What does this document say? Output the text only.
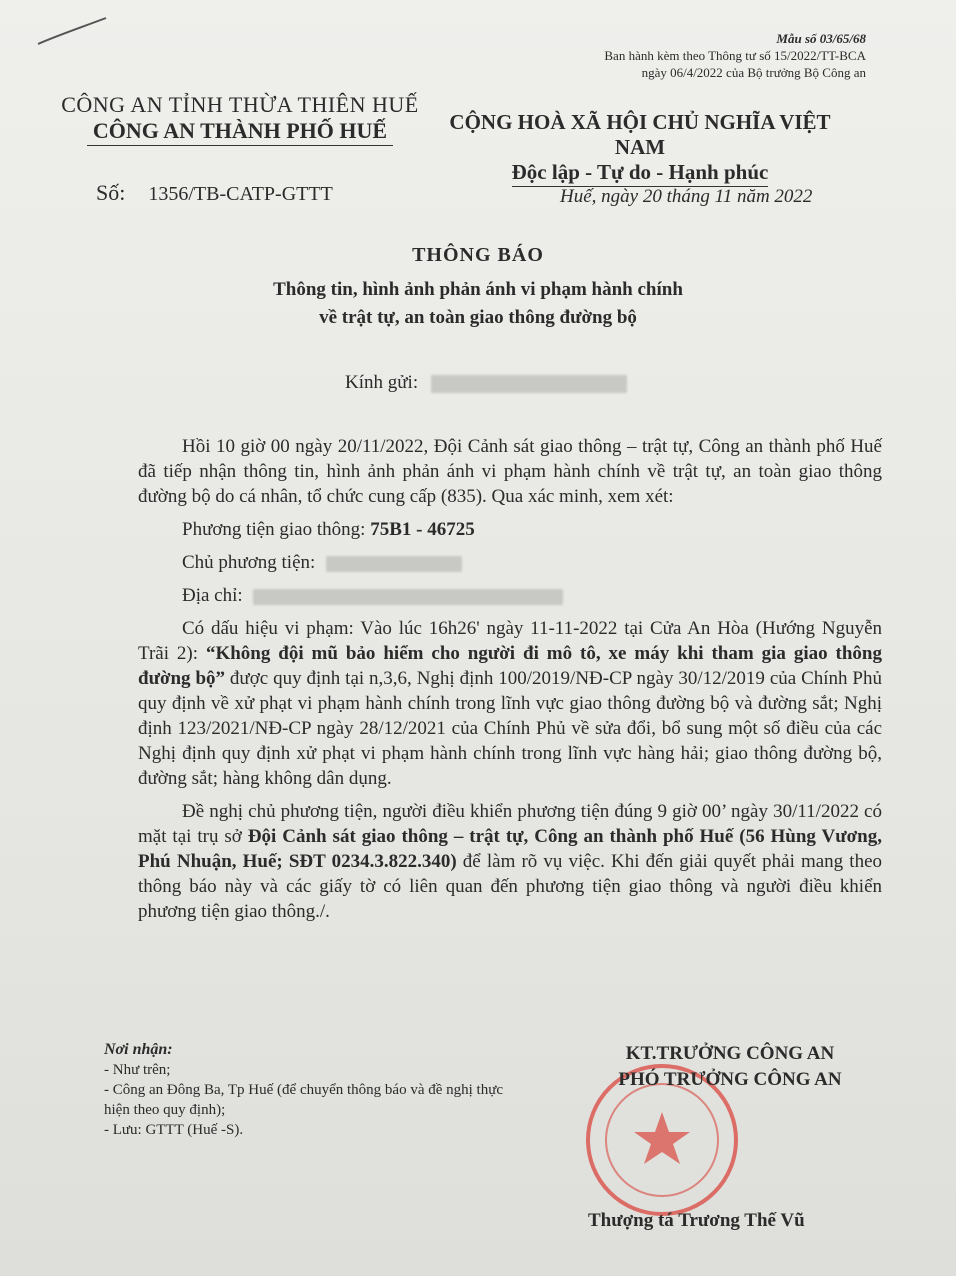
Mẫu số 03/65/68
Ban hành kèm theo Thông tư số 15/2022/TT-BCA
ngày 06/4/2022 của Bộ trưởng Bộ Công an
CÔNG AN TỈNH THỪA THIÊN HUẾ
CÔNG AN THÀNH PHỐ HUẾ	CỘNG HOÀ XÃ HỘI CHỦ NGHĨA VIỆT NAM
Độc lập - Tự do - Hạnh phúc
Số: 1356/TB-CATP-GTTT	Huế, ngày 20 tháng 11 năm 2022
THÔNG BÁO
Thông tin, hình ảnh phản ánh vi phạm hành chính
về trật tự, an toàn giao thông đường bộ
Kính gửi:

Hồi 10 giờ 00 ngày 20/11/2022, Đội Cảnh sát giao thông – trật tự, Công an thành phố Huế đã tiếp nhận thông tin, hình ảnh phản ánh vi phạm hành chính về trật tự, an toàn giao thông đường bộ do cá nhân, tổ chức cung cấp (835). Qua xác minh, xem xét:

Phương tiện giao thông: 75B1 - 46725
Chủ phương tiện:
Địa chỉ:

Có dấu hiệu vi phạm: Vào lúc 16h26' ngày 11-11-2022 tại Cửa An Hòa (Hướng Nguyễn Trãi 2): “Không đội mũ bảo hiểm cho người đi mô tô, xe máy khi tham gia giao thông đường bộ” được quy định tại n,3,6, Nghị định 100/2019/NĐ-CP ngày 30/12/2019 của Chính Phủ quy định về xử phạt vi phạm hành chính trong lĩnh vực giao thông đường bộ và đường sắt; Nghị định 123/2021/NĐ-CP ngày 28/12/2021 của Chính Phủ về sửa đổi, bổ sung một số điều của các Nghị định quy định xử phạt vi phạm hành chính trong lĩnh vực hàng hải; giao thông đường bộ, đường sắt; hàng không dân dụng.

Đề nghị chủ phương tiện, người điều khiển phương tiện đúng 9 giờ 00’ ngày 30/11/2022 có mặt tại trụ sở Đội Cảnh sát giao thông – trật tự, Công an thành phố Huế (56 Hùng Vương, Phú Nhuận, Huế; SĐT 0234.3.822.340) để làm rõ vụ việc. Khi đến giải quyết phải mang theo thông báo này và các giấy tờ có liên quan đến phương tiện giao thông và người điều khiển phương tiện giao thông./.

Nơi nhận:
- Như trên;
- Công an Đông Ba, Tp Huế (để chuyển thông báo và đề nghị thực hiện theo quy định);
- Lưu: GTTT (Huế -S).
KT.TRƯỞNG CÔNG AN
PHÓ TRƯỞNG CÔNG AN
Thượng tá Trương Thế Vũ
